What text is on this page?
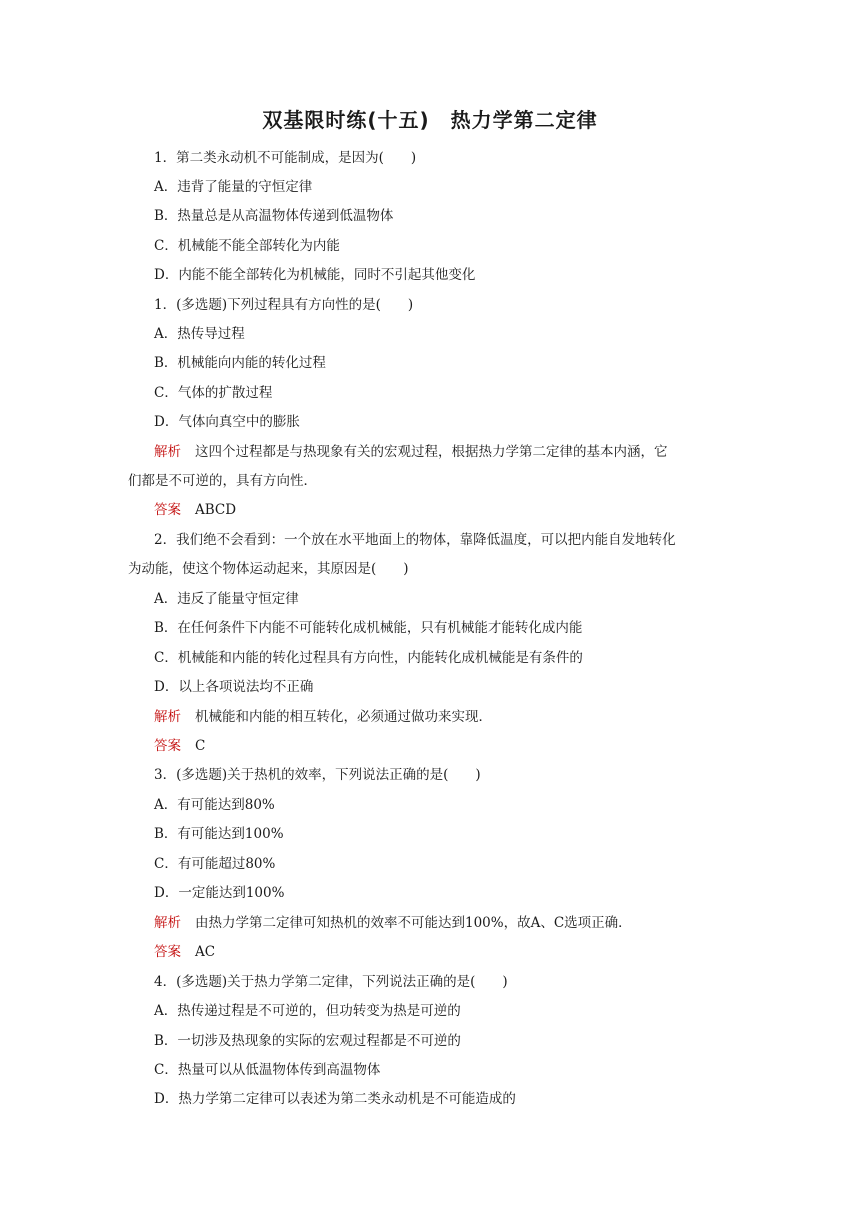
双基限时练(十五)　热力学第二定律
1．第二类永动机不可能制成，是因为(　　)
A．违背了能量的守恒定律
B．热量总是从高温物体传递到低温物体
C．机械能不能全部转化为内能
D．内能不能全部转化为机械能，同时不引起其他变化
1．(多选题)下列过程具有方向性的是(　　)
A．热传导过程
B．机械能向内能的转化过程
C．气体的扩散过程
D．气体向真空中的膨胀
解析 这四个过程都是与热现象有关的宏观过程，根据热力学第二定律的基本内涵，它
们都是不可逆的，具有方向性．
答案 ABCD
2．我们绝不会看到：一个放在水平地面上的物体，靠降低温度，可以把内能自发地转化
为动能，使这个物体运动起来，其原因是(　　)
A．违反了能量守恒定律
B．在任何条件下内能不可能转化成机械能，只有机械能才能转化成内能
C．机械能和内能的转化过程具有方向性，内能转化成机械能是有条件的
D．以上各项说法均不正确
解析 机械能和内能的相互转化，必须通过做功来实现．
答案 C
3．(多选题)关于热机的效率，下列说法正确的是(　　)
A．有可能达到80%
B．有可能达到100%
C．有可能超过80%
D．一定能达到100%
解析 由热力学第二定律可知热机的效率不可能达到100%，故A、C选项正确．
答案 AC
4．(多选题)关于热力学第二定律，下列说法正确的是(　　)
A．热传递过程是不可逆的，但功转变为热是可逆的
B．一切涉及热现象的实际的宏观过程都是不可逆的
C．热量可以从低温物体传到高温物体
D．热力学第二定律可以表述为第二类永动机是不可能造成的
